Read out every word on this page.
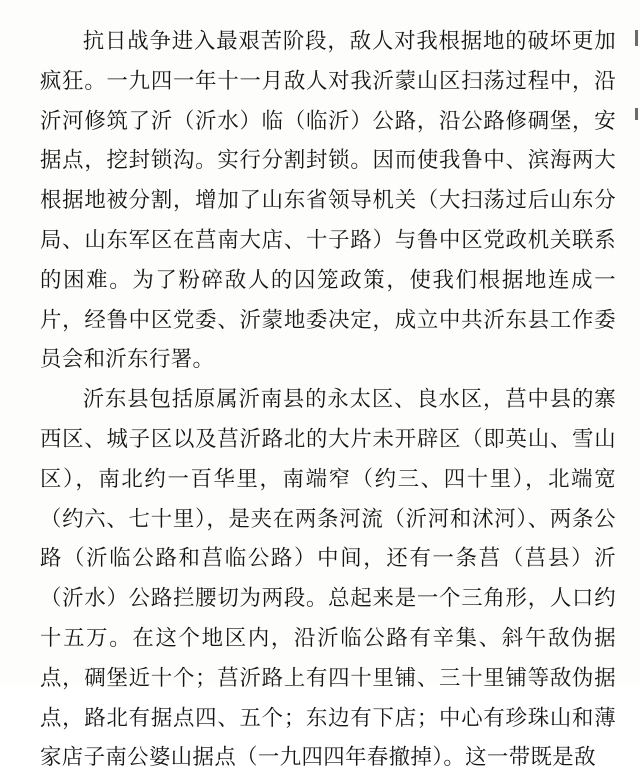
抗日战争进入最艰苦阶段，敌人对我根据地的破坏更加疯狂。一九四一年十一月敌人对我沂蒙山区扫荡过程中，沿沂河修筑了沂（沂水）临（临沂）公路，沿公路修碉堡，安据点，挖封锁沟。实行分割封锁。因而使我鲁中、滨海两大根据地被分割，增加了山东省领导机关（大扫荡过后山东分局、山东军区在莒南大店、十子路）与鲁中区党政机关联系的困难。为了粉碎敌人的囚笼政策，使我们根据地连成一片，经鲁中区党委、沂蒙地委决定，成立中共沂东县工作委员会和沂东行署。

沂东县包括原属沂南县的永太区、良水区，莒中县的寨西区、城子区以及莒沂路北的大片未开辟区（即英山、雪山区），南北约一百华里，南端窄（约三、四十里），北端宽（约六、七十里），是夹在两条河流（沂河和沭河）、两条公路（沂临公路和莒临公路）中间，还有一条莒（莒县）沂（沂水）公路拦腰切为两段。总起来是一个三角形，人口约十五万。在这个地区内，沿沂临公路有辛集、斜午敌伪据点，碉堡近十个；莒沂路上有四十里铺、三十里铺等敌伪据点，路北有据点四、五个；东边有下店；中心有珍珠山和薄家店子南公婆山据点（一九四四年春撤掉）。这一带既是敌
